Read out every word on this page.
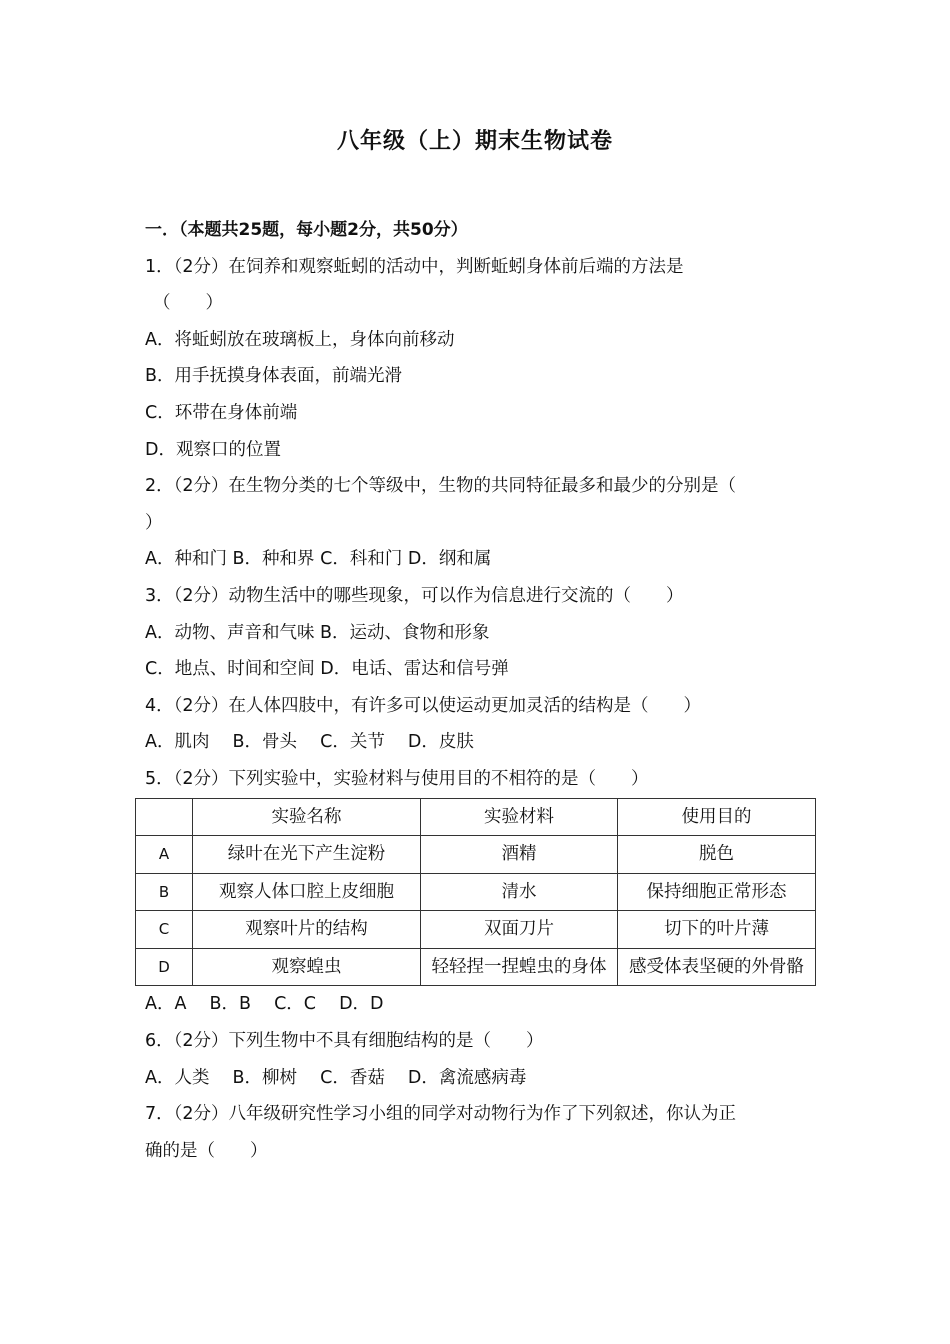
八年级（上）期末生物试卷
一．（本题共25题，每小题2分，共50分）
1．（2分）在饲养和观察蚯蚓的活动中，判断蚯蚓身体前后端的方法是
（　　）
A．将蚯蚓放在玻璃板上，身体向前移动
B．用手抚摸身体表面，前端光滑
C．环带在身体前端
D．观察口的位置
2．（2分）在生物分类的七个等级中，生物的共同特征最多和最少的分别是（
）
A．种和门 B．种和界 C．科和门 D．纲和属
3．（2分）动物生活中的哪些现象，可以作为信息进行交流的（　　）
A．动物、声音和气味 B．运动、食物和形象
C．地点、时间和空间 D．电话、雷达和信号弹
4．（2分）在人体四肢中，有许多可以使运动更加灵活的结构是（　　）
A．肌肉　 B．骨头　 C．关节　 D．皮肤
5．（2分）下列实验中，实验材料与使用目的不相符的是（　　）
	实验名称	实验材料	使用目的
A	绿叶在光下产生淀粉	酒精	脱色
B	观察人体口腔上皮细胞	清水	保持细胞正常形态
C	观察叶片的结构	双面刀片	切下的叶片薄
D	观察蝗虫	轻轻捏一捏蝗虫的身体	感受体表坚硬的外骨骼
A．A　 B．B　 C．C　 D．D
6．（2分）下列生物中不具有细胞结构的是（　　）
A．人类　 B．柳树　 C．香菇　 D．禽流感病毒
7．（2分）八年级研究性学习小组的同学对动物行为作了下列叙述，你认为正
确的是（　　）
